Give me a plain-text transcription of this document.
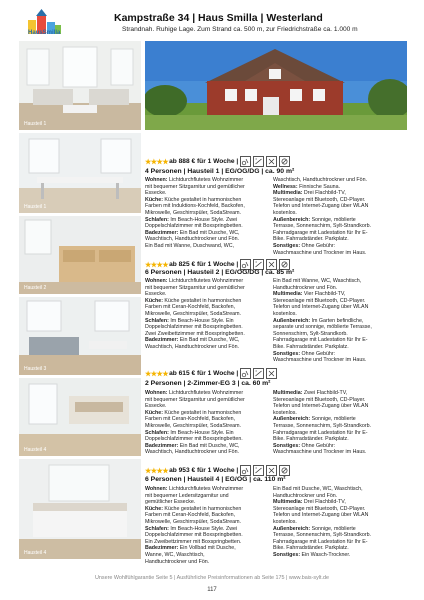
HausSmilla
Kampstraße 34 | Haus Smilla | Westerland
Strandnah. Ruhige Lage. Zum Strand ca. 500 m, zur Friedrichstraße ca. 1.000 m
Hausteil 1
Hausteil 1
Hausteil 2
Hausteil 3
Hausteil 4
Hausteil 4
★★★★ ab 888 € für 1 Woche |
4 Personen | Hausteil 1 | EG/OG/DG | ca. 90 m²

Wohnen: Lichtdurchflutetes Wohnzimmer mit bequemer Sitzgarnitur und gemütlicher Essecke.

Küche: Küche gestaltet in harmonischen Farben mit Induktions-Kochfeld, Backofen, Mikrowelle, Geschirrspüler, SodaStream.

Schlafen: Im Beach-House Style. Zwei Doppelschlafzimmer mit Boxspringbetten.

Badezimmer: Ein Bad mit Dusche, WC, Waschtisch, Handtuchtrockner und Fön. Ein Bad mit Wanne, Duschwand, WC,

Waschtisch, Handtuchtrockner und Fön.

Wellness: Finnische Sauna.

Multimedia: Drei Flachbild-TV, Stereoanlage mit Bluetooth, CD-Player. Telefon und Internet-Zugang über WLAN kostenlos.

Außenbereich: Sonnige, möblierte Terrasse, Sonnenschirm, Sylt-Strandkorb. Fahrradgarage mit Ladestation für Ihr E-Bike. Fahrradständer. Parkplatz.

Sonstiges: Ohne Gebühr: Waschmaschine und Trockner im Haus.

★★★★ ab 825 € für 1 Woche |
6 Personen | Hausteil 2 | EG/OG/DG | ca. 85 m²

Wohnen: Lichtdurchflutetes Wohnzimmer mit bequemer Sitzgarnitur und gemütlicher Essecke.

Küche: Küche gestaltet in harmonischen Farben mit Ceran-Kochfeld, Backofen, Mikrowelle, Geschirrspüler, SodaStream.

Schlafen: Im Beach-House Style. Ein Doppelschlafzimmer mit Boxspringbetten. Zwei Zweibettzimmer mit Boxspringbetten.

Badezimmer: Ein Bad mit Dusche, WC, Waschtisch, Handtuchtrockner und Fön.

Ein Bad mit Wanne, WC, Waschtisch, Handtuchtrockner und Fön.

Multimedia: Vier Flachbild-TV, Stereoanlage mit Bluetooth, CD-Player. Telefon und Internet-Zugang über WLAN kostenlos.

Außenbereich: Im Garten befindliche, separate und sonnige, möblierte Terrasse, Sonnenschirm, Sylt-Strandkorb. Fahrradgarage mit Ladestation für Ihr E-Bike. Fahrradständer. Parkplatz.

Sonstiges: Ohne Gebühr: Waschmaschine und Trockner im Haus.

★★★★ ab 615 € für 1 Woche |
2 Personen | 2-Zimmer-EG 3 | ca. 60 m²

Wohnen: Lichtdurchflutetes Wohnzimmer mit bequemer Sitzgarnitur und gemütlicher Essecke.

Küche: Küche gestaltet in harmonischen Farben mit Ceran-Kochfeld, Backofen, Mikrowelle, Geschirrspüler, SodaStream.

Schlafen: Im Beach-House Style. Ein Doppelschlafzimmer mit Boxspringbetten.

Badezimmer: Ein Bad mit Dusche, WC, Waschtisch, Handtuchtrockner und Fön.

Multimedia: Zwei Flachbild-TV, Stereoanlage mit Bluetooth, CD-Player. Telefon und Internet-Zugang über WLAN kostenlos.

Außenbereich: Sonnige, möblierte Terrasse, Sonnenschirm, Sylt-Strandkorb. Fahrradgarage mit Ladestation für Ihr E-Bike. Fahrradständer. Parkplatz.

Sonstiges: Ohne Gebühr: Waschmaschine und Trockner im Haus.

★★★★ ab 953 € für 1 Woche |
6 Personen | Hausteil 4 | EG/OG | ca. 110 m²

Wohnen: Lichtdurchflutetes Wohnzimmer mit bequemer Ledersitzgarnitur und gemütlicher Essecke.

Küche: Küche gestaltet in harmonischen Farben mit Ceran-Kochfeld, Backofen, Mikrowelle, Geschirrspüler, SodaStream.

Schlafen: Im Beach-House Style. Zwei Doppelschlafzimmer mit Boxspringbetten. Ein Zweibettzimmer mit Boxspringbetten.

Badezimmer: Ein Vollbad mit Dusche, Wanne, WC, Waschtisch, Handtuchtrockner und Fön.

Ein Bad mit Dusche, WC, Waschtisch, Handtuchtrockner und Fön.

Multimedia: Drei Flachbild-TV, Stereoanlage mit Bluetooth, CD-Player. Telefon und Internet-Zugang über WLAN kostenlos.

Außenbereich: Sonnige, möblierte Terrasse, Sonnenschirm, Sylt-Strandkorb. Fahrradgarage mit Ladestation für Ihr E-Bike. Fahrradständer. Parkplatz.

Sonstiges: Ein Wasch-Trockner.

Unsere Wohlfühlgarantie Seite 5 | Ausführliche Preisinformationen ab Seite 175 | www.bais-sylt.de
117
